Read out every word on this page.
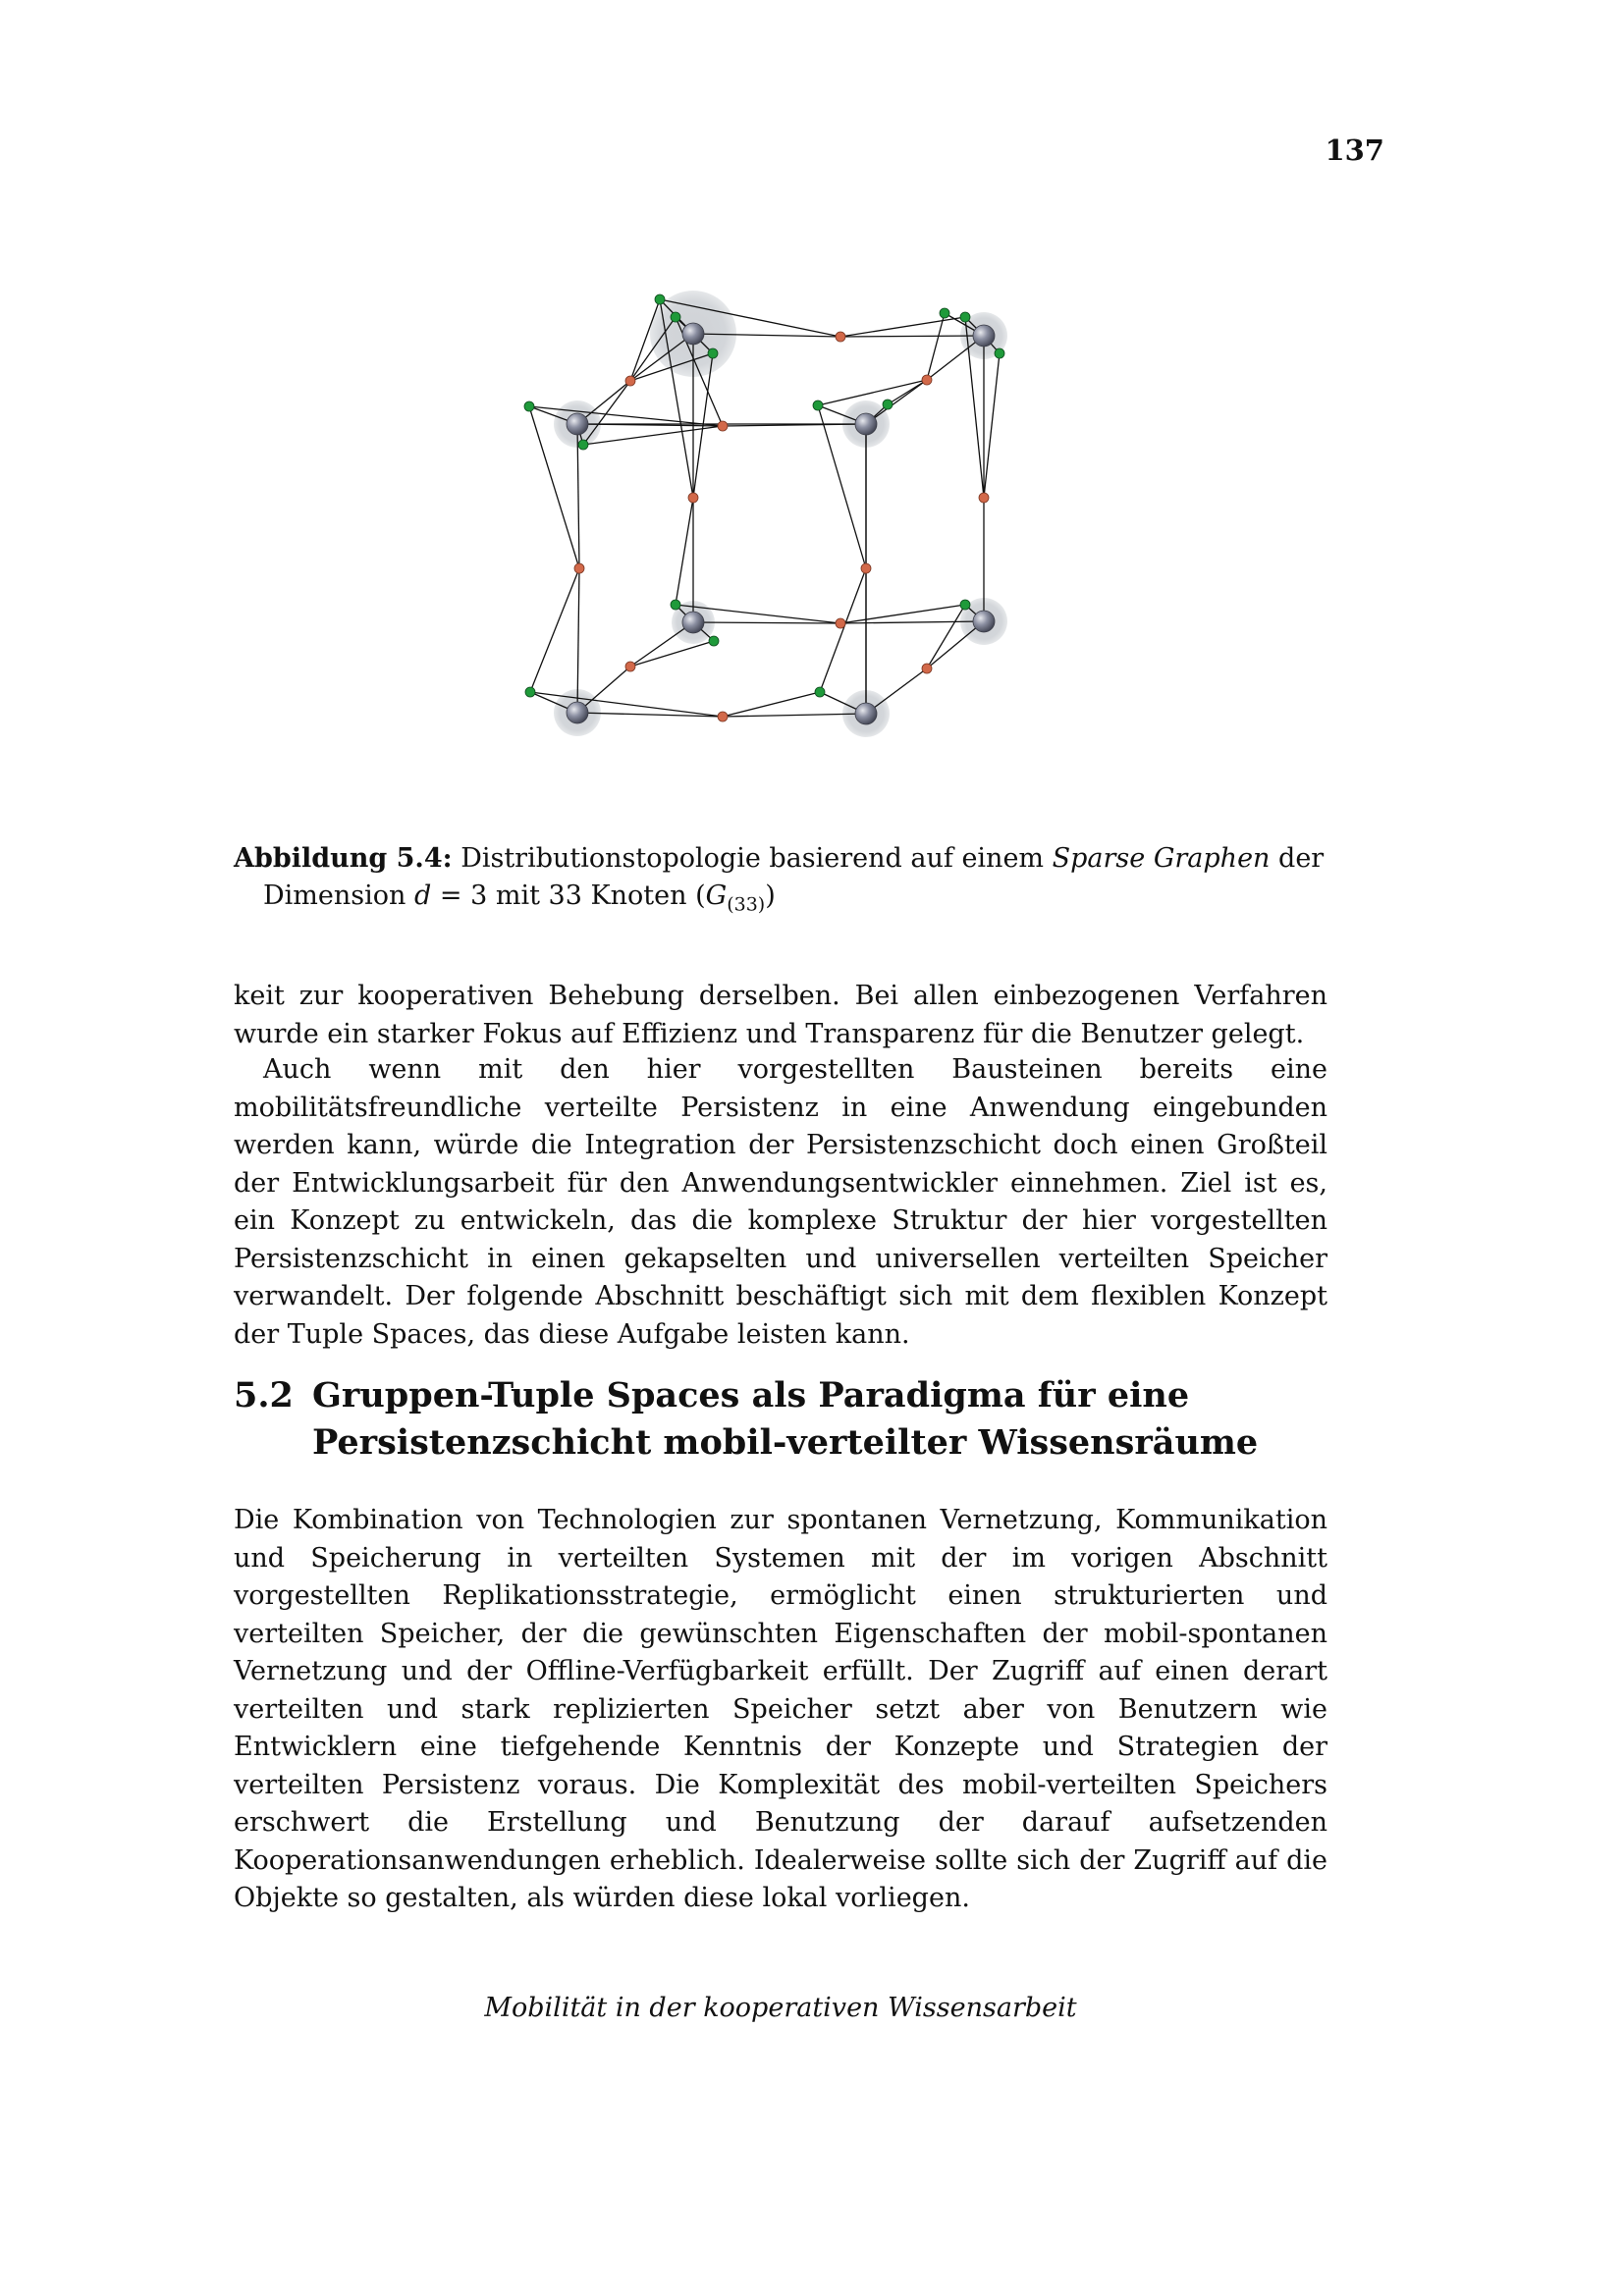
137
Abbildung 5.4: Distributionstopologie basierend auf einem Sparse Graphen der
Dimension d = 3 mit 33 Knoten $(G_{(33)})$

keit zur kooperativen Behebung derselben. Bei allen einbezogenen Verfahren wurde ein starker Fokus auf Effizienz und Transparenz für die Benutzer gelegt.

Auch wenn mit den hier vorgestellten Bausteinen bereits eine mobilitätsfreundliche verteilte Persistenz in eine Anwendung eingebunden werden kann, würde die Integration der Persistenzschicht doch einen Großteil der Entwicklungsarbeit für den Anwendungsentwickler einnehmen. Ziel ist es, ein Konzept zu entwickeln, das die komplexe Struktur der hier vorgestellten Persistenzschicht in einen gekapselten und universellen verteilten Speicher verwandelt. Der folgende Abschnitt beschäftigt sich mit dem flexiblen Konzept der Tuple Spaces, das diese Aufgabe leisten kann.

5.2 Gruppen-Tuple Spaces als Paradigma für eine
Persistenzschicht mobil-verteilter Wissensräume

Die Kombination von Technologien zur spontanen Vernetzung, Kommunikation und Speicherung in verteilten Systemen mit der im vorigen Abschnitt vorgestellten Replikationsstrategie, ermöglicht einen strukturierten und verteilten Speicher, der die gewünschten Eigenschaften der mobil-spontanen Vernetzung und der Offline-Verfügbarkeit erfüllt. Der Zugriff auf einen derart verteilten und stark replizierten Speicher setzt aber von Benutzern wie Entwicklern eine tiefgehende Kenntnis der Konzepte und Strategien der verteilten Persistenz voraus. Die Komplexität des mobil-verteilten Speichers erschwert die Erstellung und Benutzung der darauf aufsetzenden Kooperationsanwendungen erheblich. Idealerweise sollte sich der Zugriff auf die Objekte so gestalten, als würden diese lokal vorliegen.

Mobilität in der kooperativen Wissensarbeit
